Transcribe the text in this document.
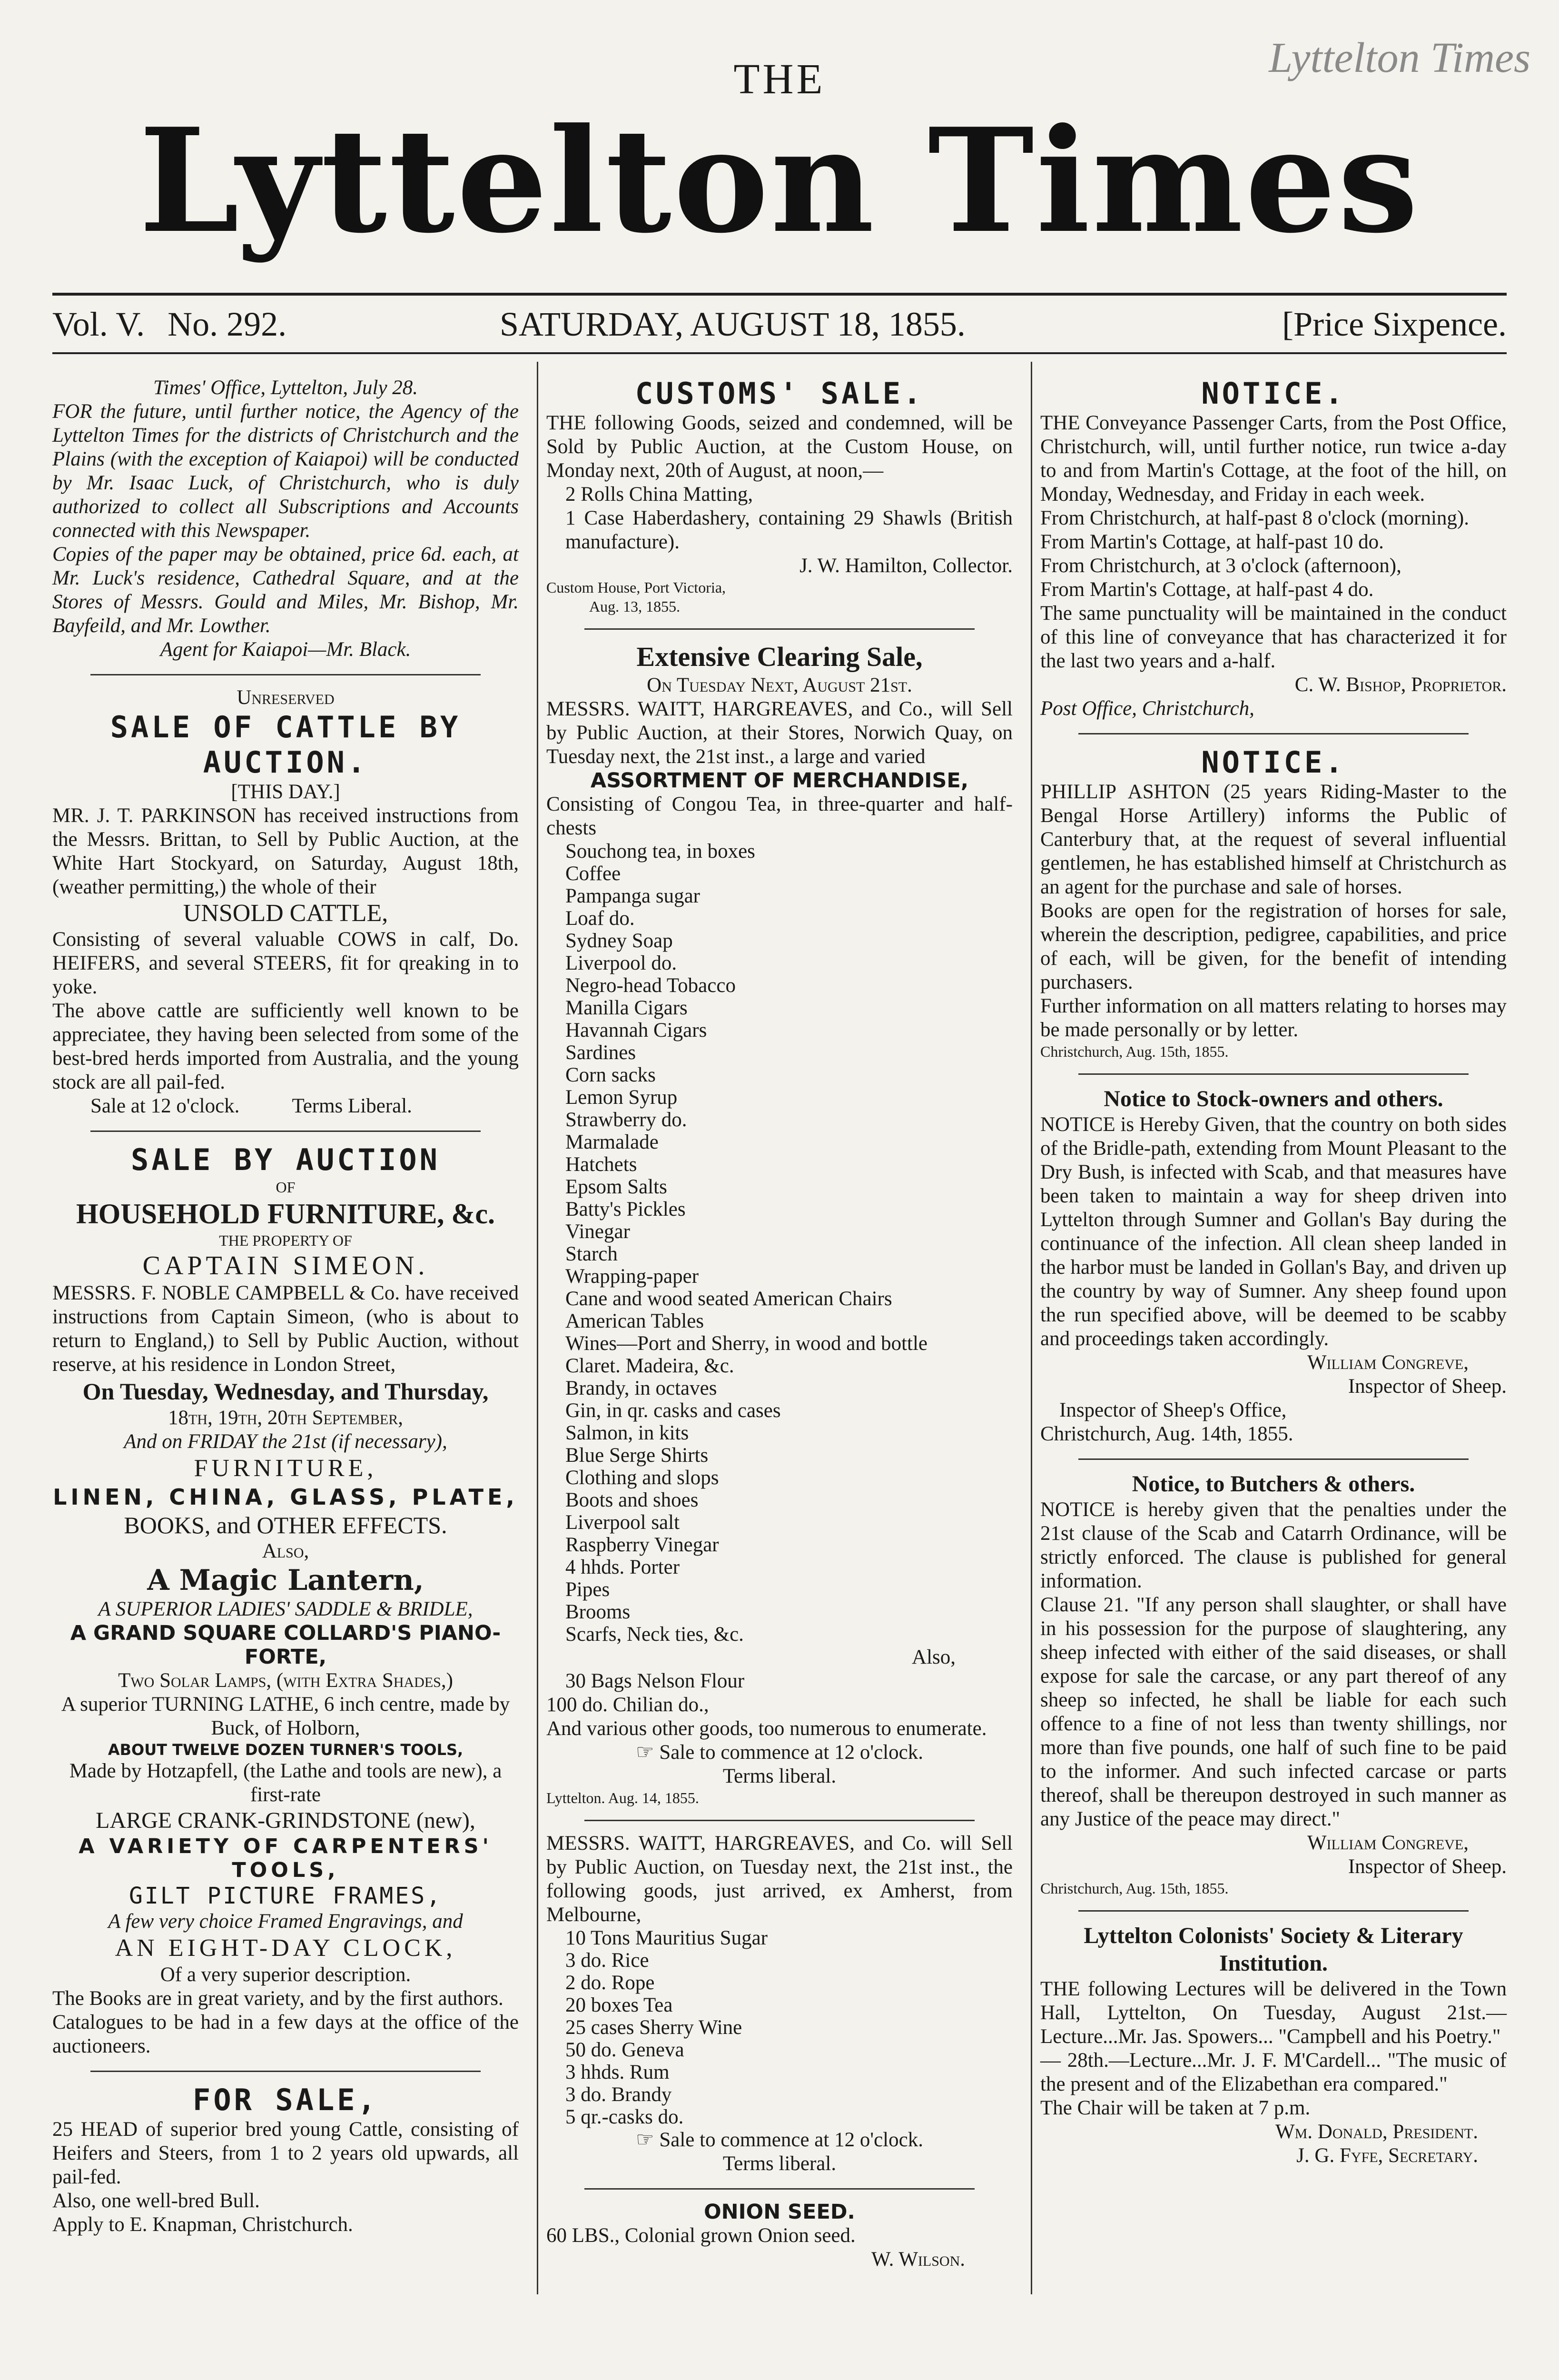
Lyttelton Times
THE
Lyttelton Times
Vol. V. No. 292.	SATURDAY, AUGUST 18, 1855.	[Price Sixpence.

Times' Office, Lyttelton, July 28.

FOR the future, until further notice, the Agency of the Lyttelton Times for the districts of Christchurch and the Plains (with the exception of Kaiapoi) will be conducted by Mr. Isaac Luck, of Christchurch, who is duly authorized to collect all Subscriptions and Accounts connected with this Newspaper.

Copies of the paper may be obtained, price 6d. each, at Mr. Luck's residence, Cathedral Square, and at the Stores of Messrs. Gould and Miles, Mr. Bishop, Mr. Bayfeild, and Mr. Lowther.

Agent for Kaiapoi—Mr. Black.

Unreserved

SALE OF CATTLE BY AUCTION.

[THIS DAY.]

MR. J. T. PARKINSON has received instructions from the Messrs. Brittan, to Sell by Public Auction, at the White Hart Stockyard, on Saturday, August 18th, (weather permitting,) the whole of their

UNSOLD CATTLE,

Consisting of several valuable COWS in calf, Do. HEIFERS, and several STEERS, fit for qreaking in to yoke.

The above cattle are sufficiently well known to be appreciatee, they having been selected from some of the best-bred herds imported from Australia, and the young stock are all pail-fed.

Sale at 12 o'clock.	Terms Liberal.

SALE BY AUCTION

OF

HOUSEHOLD FURNITURE, &c.

THE PROPERTY OF

CAPTAIN SIMEON.

MESSRS. F. NOBLE CAMPBELL & Co. have received instructions from Captain Simeon, (who is about to return to England,) to Sell by Public Auction, without reserve, at his residence in London Street,

On Tuesday, Wednesday, and Thursday,

18th, 19th, 20th September,

And on FRIDAY the 21st (if necessary),

FURNITURE,

LINEN, CHINA, GLASS, PLATE,

BOOKS, and OTHER EFFECTS.

Also,

A Magic Lantern,

A SUPERIOR LADIES' SADDLE & BRIDLE,

A GRAND SQUARE COLLARD'S PIANO-FORTE,

Two Solar Lamps, (with Extra Shades,)

A superior TURNING LATHE, 6 inch centre, made by Buck, of Holborn,

ABOUT TWELVE DOZEN TURNER'S TOOLS,

Made by Hotzapfell, (the Lathe and tools are new), a first-rate

LARGE CRANK-GRINDSTONE (new),

A VARIETY OF CARPENTERS' TOOLS,

GILT PICTURE FRAMES,

A few very choice Framed Engravings, and

AN EIGHT-DAY CLOCK,

Of a very superior description.

The Books are in great variety, and by the first authors.

Catalogues to be had in a few days at the office of the auctioneers.

FOR SALE,

25 HEAD of superior bred young Cattle, consisting of Heifers and Steers, from 1 to 2 years old upwards, all pail-fed.

Also, one well-bred Bull.

Apply to E. Knapman, Christchurch.

CUSTOMS' SALE.

THE following Goods, seized and condemned, will be Sold by Public Auction, at the Custom House, on Monday next, 20th of August, at noon,—

2 Rolls China Matting,

1 Case Haberdashery, containing 29 Shawls (British manufacture).

J. W. Hamilton, Collector.

Custom House, Port Victoria,

Aug. 13, 1855.

Extensive Clearing Sale,

On Tuesday Next, August 21st.

MESSRS. WAITT, HARGREAVES, and Co., will Sell by Public Auction, at their Stores, Norwich Quay, on Tuesday next, the 21st inst., a large and varied

ASSORTMENT OF MERCHANDISE,

Consisting of Congou Tea, in three-quarter and half-chests

Souchong tea, in boxes
Coffee
Pampanga sugar
Loaf do.
Sydney Soap
Liverpool do.
Negro-head Tobacco
Manilla Cigars
Havannah Cigars
Sardines
Corn sacks
Lemon Syrup
Strawberry do.
Marmalade
Hatchets
Epsom Salts
Batty's Pickles
Vinegar
Starch
Wrapping-paper
Cane and wood seated American Chairs
American Tables
Wines—Port and Sherry, in wood and bottle
Claret. Madeira, &c.
Brandy, in octaves
Gin, in qr. casks and cases
Salmon, in kits
Blue Serge Shirts
Clothing and slops
Boots and shoes
Liverpool salt
Raspberry Vinegar
4 hhds. Porter
Pipes
Brooms
Scarfs, Neck ties, &c.

Also,

30 Bags Nelson Flour

100 do. Chilian do.,

And various other goods, too numerous to enumerate.

☞ Sale to commence at 12 o'clock.

Terms liberal.

Lyttelton. Aug. 14, 1855.

MESSRS. WAITT, HARGREAVES, and Co. will Sell by Public Auction, on Tuesday next, the 21st inst., the following goods, just arrived, ex Amherst, from Melbourne,

10 Tons Mauritius Sugar
3 do. Rice
2 do. Rope
20 boxes Tea
25 cases Sherry Wine
50 do. Geneva
3 hhds. Rum
3 do. Brandy
5 qr.-casks do.

☞ Sale to commence at 12 o'clock.

Terms liberal.

ONION SEED.

60 LBS., Colonial grown Onion seed.

W. Wilson.

NOTICE.

THE Conveyance Passenger Carts, from the Post Office, Christchurch, will, until further notice, run twice a-day to and from Martin's Cottage, at the foot of the hill, on Monday, Wednesday, and Friday in each week.

From Christchurch, at half-past 8 o'clock (morning).

From Martin's Cottage, at half-past 10 do.

From Christchurch, at 3 o'clock (afternoon),

From Martin's Cottage, at half-past 4 do.

The same punctuality will be maintained in the conduct of this line of conveyance that has characterized it for the last two years and a-half.

C. W. Bishop, Proprietor.

Post Office, Christchurch,

NOTICE.

PHILLIP ASHTON (25 years Riding-Master to the Bengal Horse Artillery) informs the Public of Canterbury that, at the request of several influential gentlemen, he has established himself at Christchurch as an agent for the purchase and sale of horses.

Books are open for the registration of horses for sale, wherein the description, pedigree, capabilities, and price of each, will be given, for the benefit of intending purchasers.

Further information on all matters relating to horses may be made personally or by letter.

Christchurch, Aug. 15th, 1855.

Notice to Stock-owners and others.

NOTICE is Hereby Given, that the country on both sides of the Bridle-path, extending from Mount Pleasant to the Dry Bush, is infected with Scab, and that measures have been taken to maintain a way for sheep driven into Lyttelton through Sumner and Gollan's Bay during the continuance of the infection. All clean sheep landed in the harbor must be landed in Gollan's Bay, and driven up the country by way of Sumner. Any sheep found upon the run specified above, will be deemed to be scabby and proceedings taken accordingly.

William Congreve,

Inspector of Sheep.

Inspector of Sheep's Office,

Christchurch, Aug. 14th, 1855.

Notice, to Butchers & others.

NOTICE is hereby given that the penalties under the 21st clause of the Scab and Catarrh Ordinance, will be strictly enforced. The clause is published for general information.

Clause 21. "If any person shall slaughter, or shall have in his possession for the purpose of slaughtering, any sheep infected with either of the said diseases, or shall expose for sale the carcase, or any part thereof of any sheep so infected, he shall be liable for each such offence to a fine of not less than twenty shillings, nor more than five pounds, one half of such fine to be paid to the informer. And such infected carcase or parts thereof, shall be thereupon destroyed in such manner as any Justice of the peace may direct."

William Congreve,

Inspector of Sheep.

Christchurch, Aug. 15th, 1855.

Lyttelton Colonists' Society & Literary Institution.

THE following Lectures will be delivered in the Town Hall, Lyttelton, On Tuesday, August 21st.—Lecture...Mr. Jas. Spowers... "Campbell and his Poetry."

— 28th.—Lecture...Mr. J. F. M'Cardell... "The music of the present and of the Elizabethan era compared."

The Chair will be taken at 7 p.m.

Wm. Donald, President.

J. G. Fyfe, Secretary.
